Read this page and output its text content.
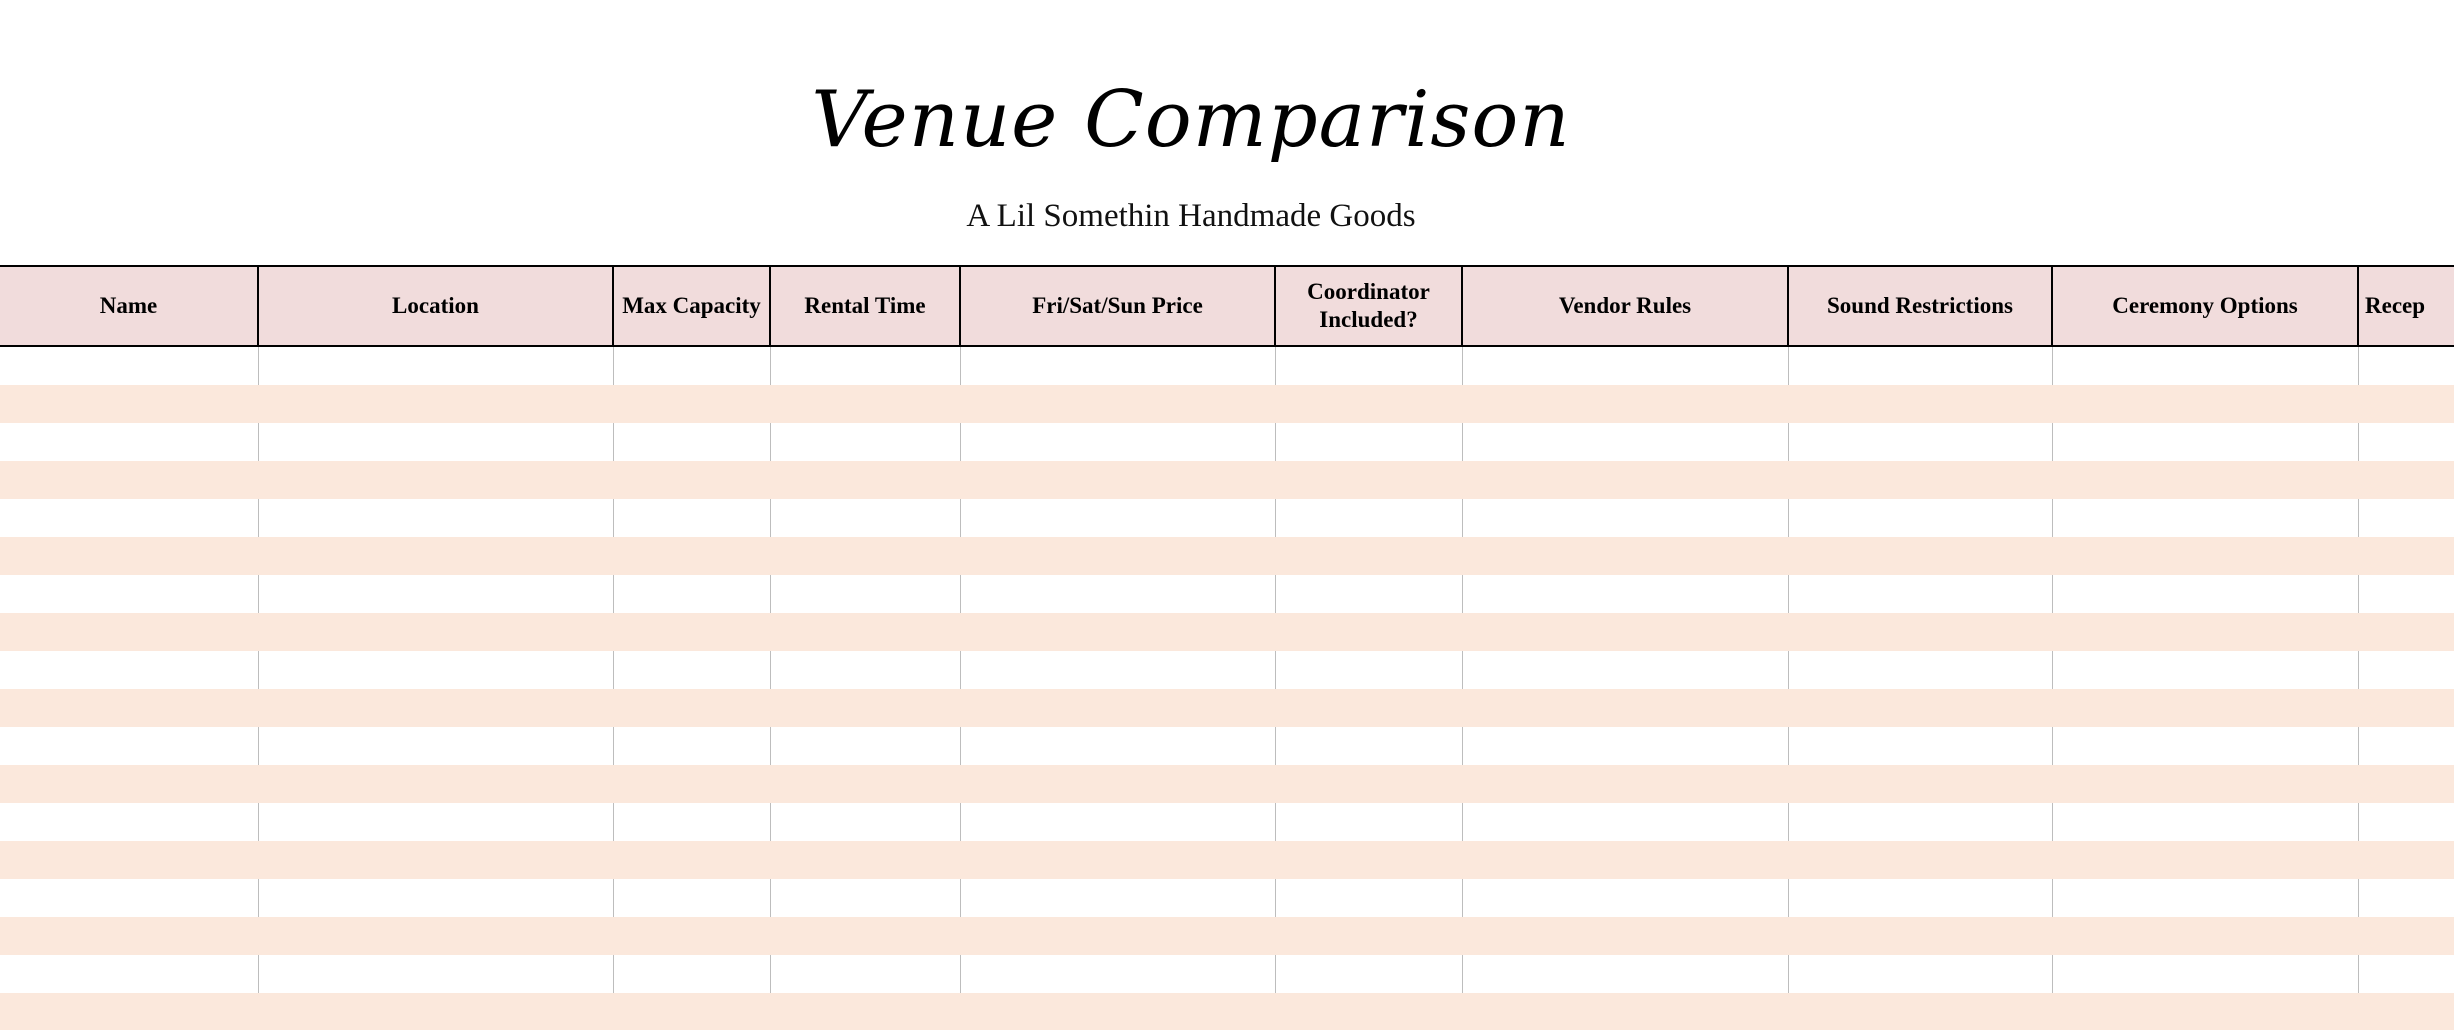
Venue Comparison
A Lil Somethin Handmade Goods
Name	Location	Max Capacity	Rental Time	Fri/Sat/Sun Price	Coordinator Included?	Vendor Rules	Sound Restrictions	Ceremony Options	Recep
